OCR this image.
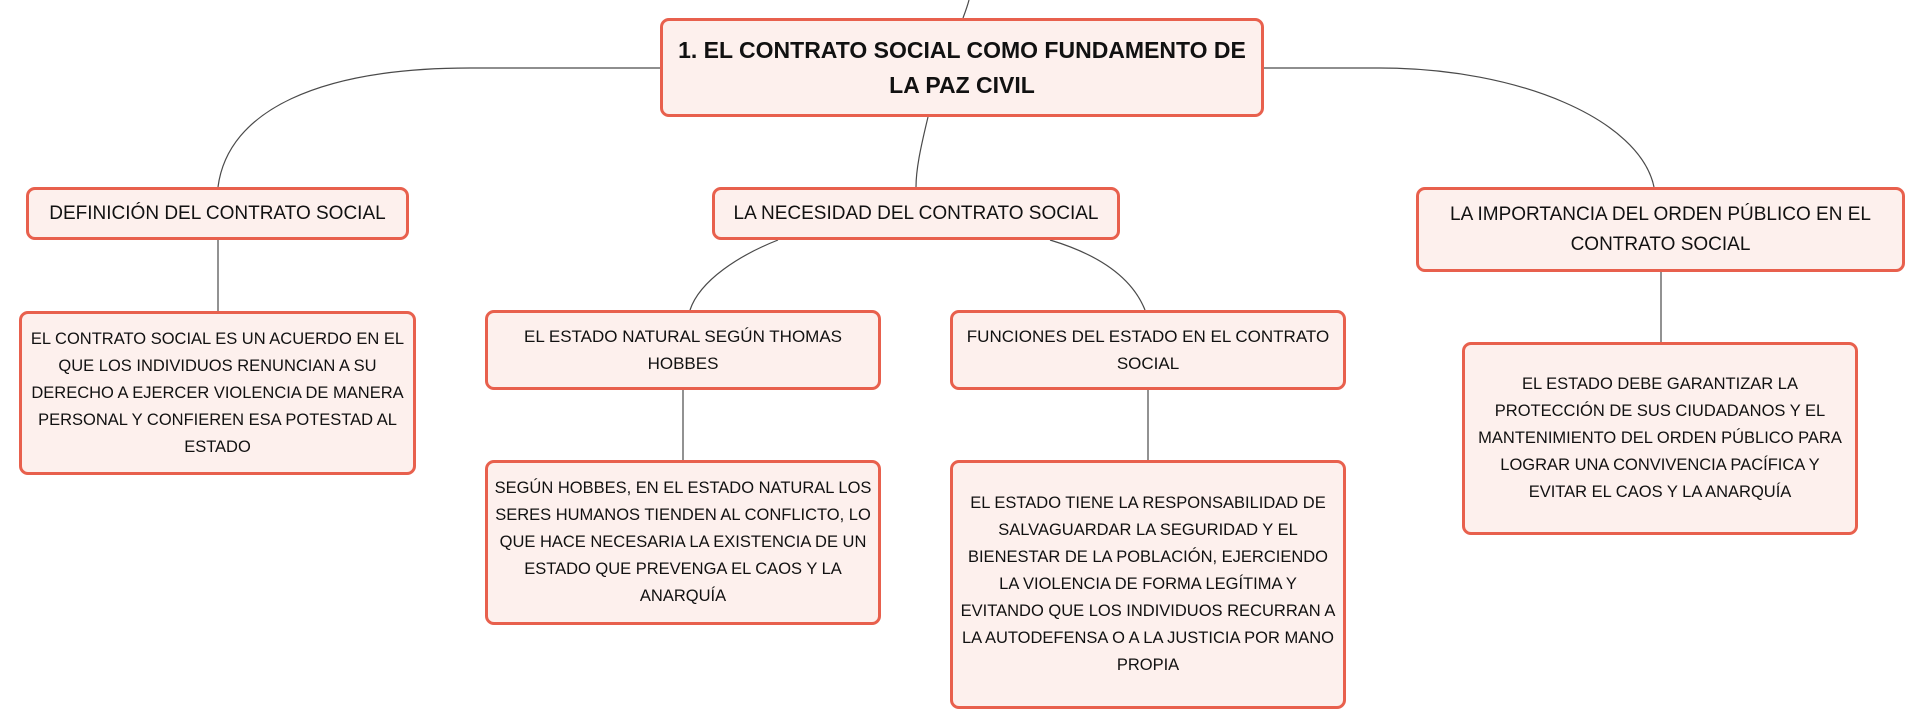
1. EL CONTRATO SOCIAL COMO FUNDAMENTO DE LA PAZ CIVIL
DEFINICIÓN DEL CONTRATO SOCIAL	LA NECESIDAD DEL CONTRATO SOCIAL	LA IMPORTANCIA DEL ORDEN PÚBLICO EN EL CONTRATO SOCIAL
EL CONTRATO SOCIAL ES UN ACUERDO EN EL QUE LOS INDIVIDUOS RENUNCIAN A SU DERECHO A EJERCER VIOLENCIA DE MANERA PERSONAL Y CONFIEREN ESA POTESTAD AL ESTADO
EL ESTADO NATURAL SEGÚN THOMAS HOBBES
FUNCIONES DEL ESTADO EN EL CONTRATO SOCIAL
SEGÚN HOBBES, EN EL ESTADO NATURAL LOS SERES HUMANOS TIENDEN AL CONFLICTO, LO QUE HACE NECESARIA LA EXISTENCIA DE UN ESTADO QUE PREVENGA EL CAOS Y LA ANARQUÍA
EL ESTADO TIENE LA RESPONSABILIDAD DE SALVAGUARDAR LA SEGURIDAD Y EL BIENESTAR DE LA POBLACIÓN, EJERCIENDO LA VIOLENCIA DE FORMA LEGÍTIMA Y EVITANDO QUE LOS INDIVIDUOS RECURRAN A LA AUTODEFENSA O A LA JUSTICIA POR MANO PROPIA
EL ESTADO DEBE GARANTIZAR LA PROTECCIÓN DE SUS CIUDADANOS Y EL MANTENIMIENTO DEL ORDEN PÚBLICO PARA LOGRAR UNA CONVIVENCIA PACÍFICA Y EVITAR EL CAOS Y LA ANARQUÍA
